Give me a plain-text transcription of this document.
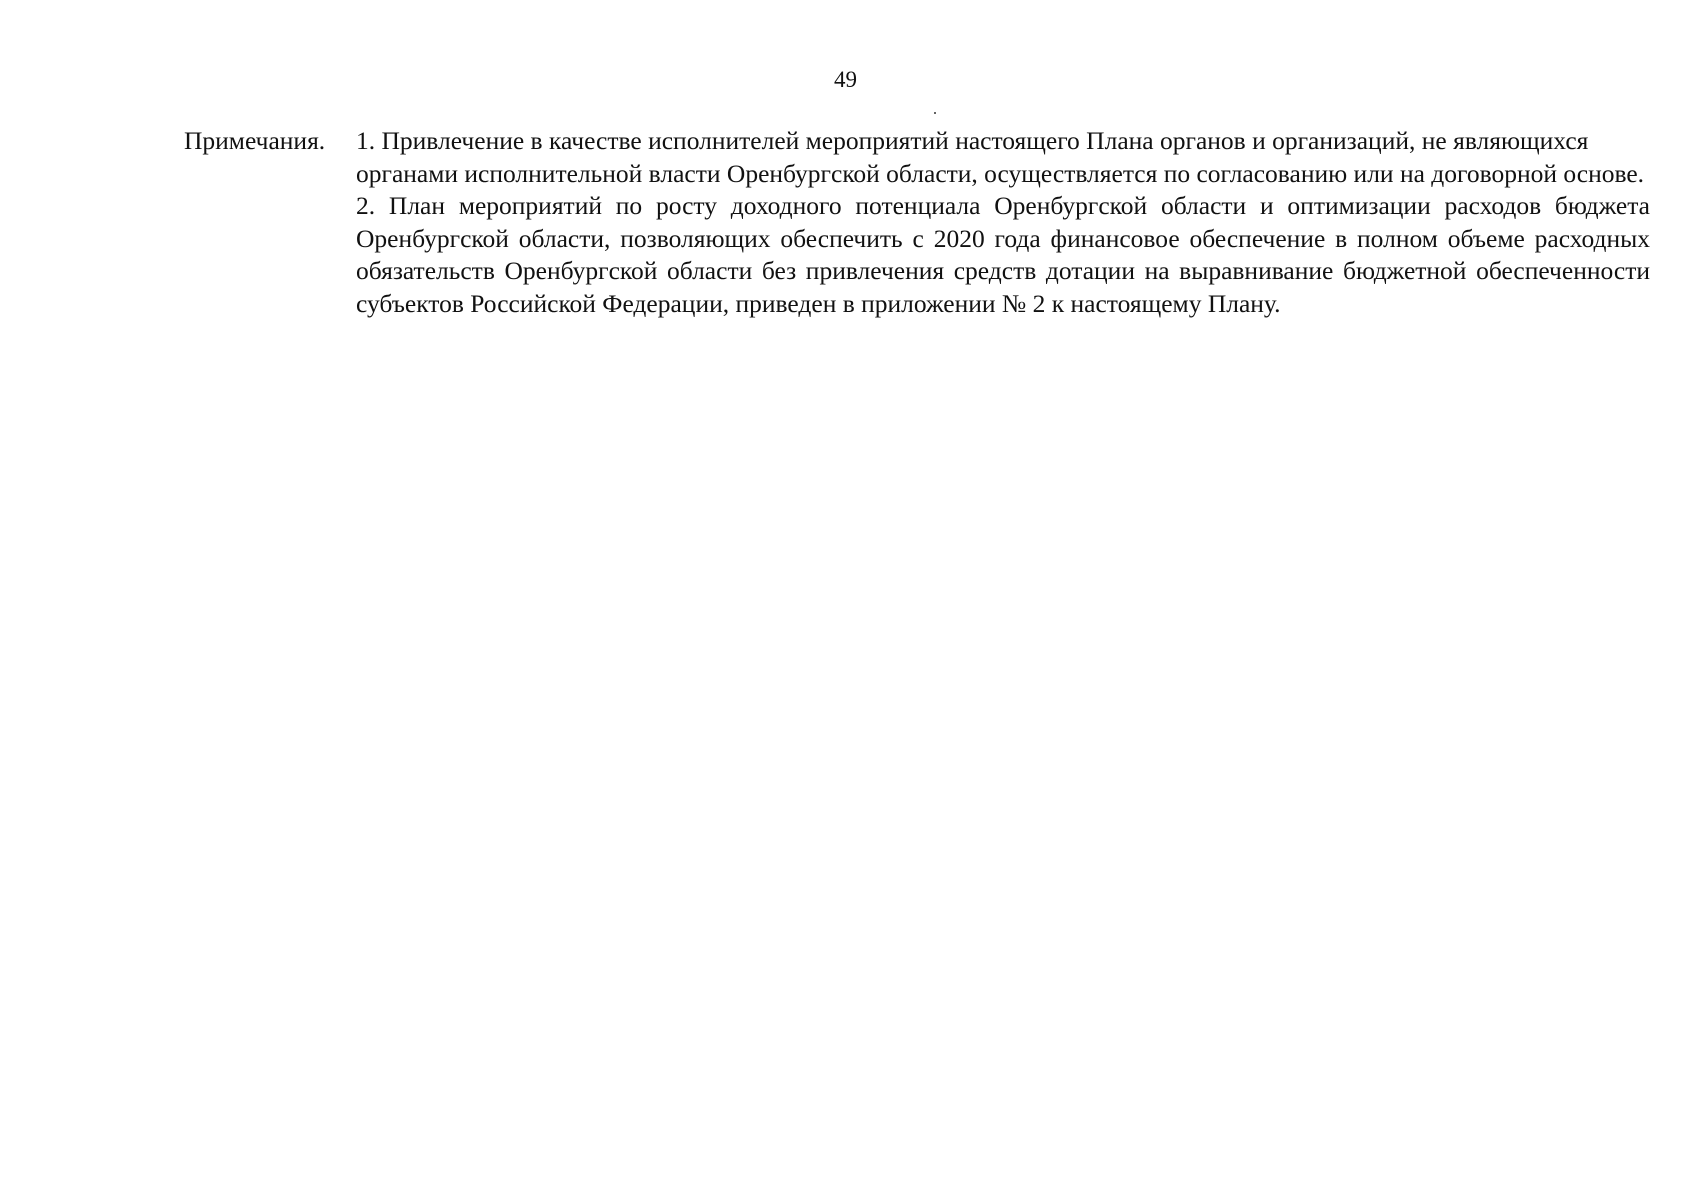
49
Примечания. 1. Привлечение в качестве исполнителей мероприятий настоящего Плана органов и организаций, не являющихся органами исполнительной власти Оренбургской области, осуществляется по согласованию или на договорной основе.

2. План мероприятий по росту доходного потенциала Оренбургской области и оптимизации расходов бюджета Оренбургской области, позволяющих обеспечить с 2020 года финансовое обеспечение в полном объеме расходных обязательств Оренбургской области без привлечения средств дотации на выравнивание бюджетной обеспеченности субъектов Российской Федерации, приведен в приложении № 2 к настоящему Плану.
